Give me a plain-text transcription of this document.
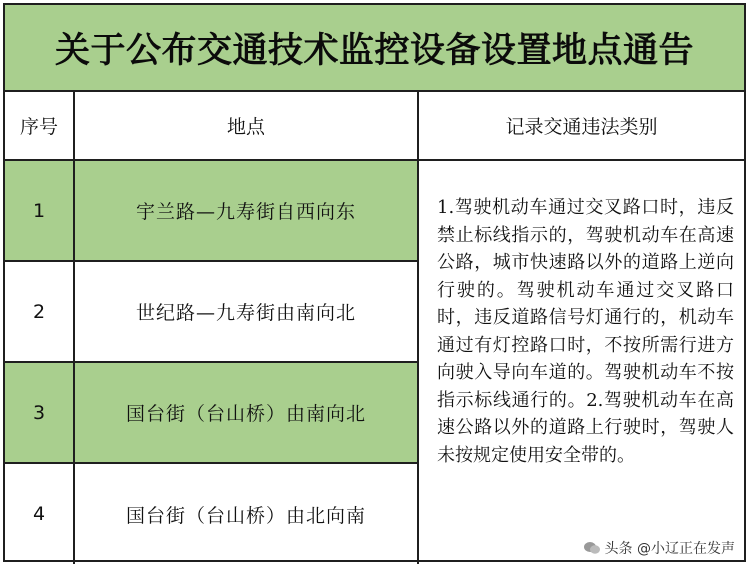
关于公布交通技术监控设备设置地点通告
序号	地点	记录交通违法类别
1	宇兰路—九寿街自西向东
2	世纪路—九寿街由南向北
3	国台街（台山桥）由南向北
4	国台街（台山桥）由北向南
1.驾驶机动车通过交叉路口时，违反禁止标线指示的，驾驶机动车在高速公路，城市快速路以外的道路上逆向行驶的。驾驶机动车通过交叉路口时，违反道路信号灯通行的，机动车通过有灯控路口时，不按所需行进方向驶入导向车道的。驾驶机动车不按指示标线通行的。2.驾驶机动车在高速公路以外的道路上行驶时，驾驶人未按规定使用安全带的。
头条 @小辽正在发声
